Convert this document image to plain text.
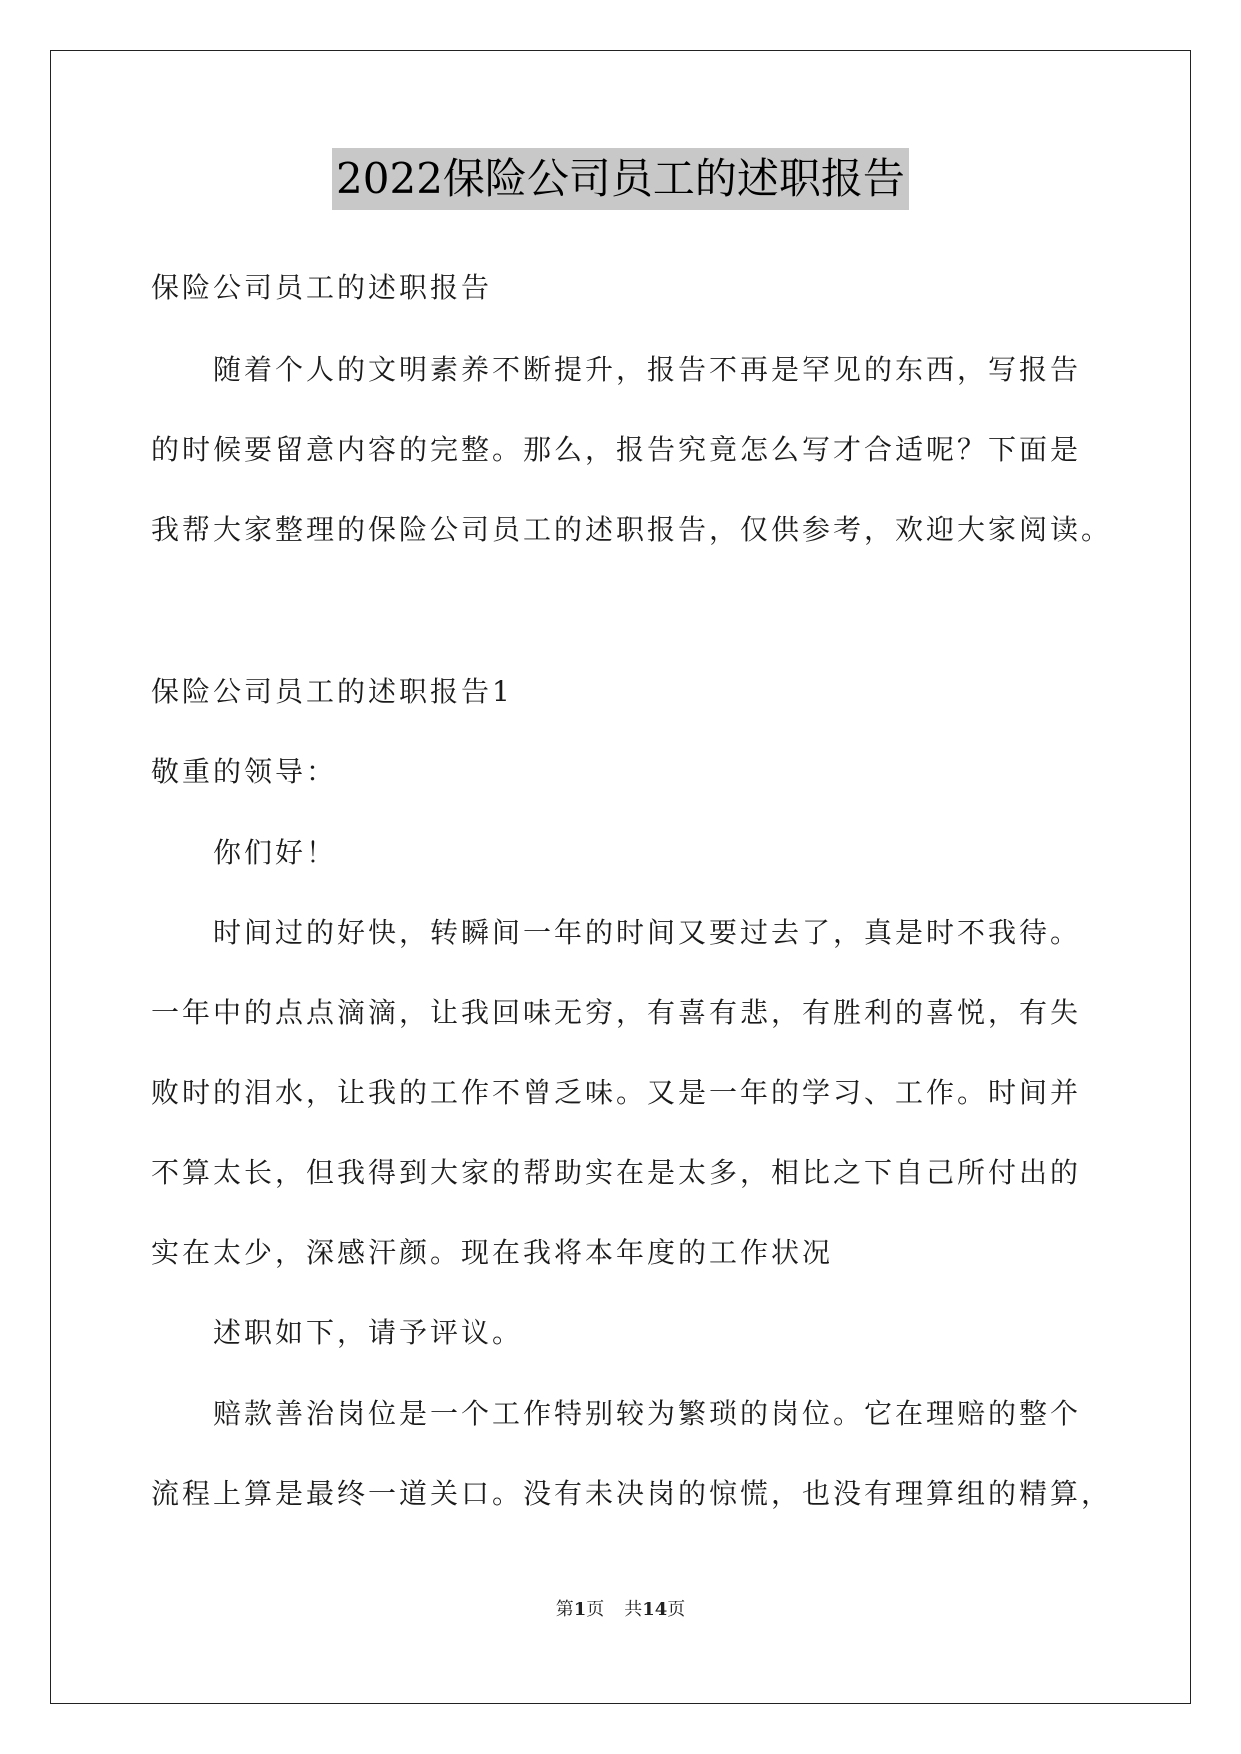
2022保险公司员工的述职报告
保险公司员工的述职报告
随着个人的文明素养不断提升，报告不再是罕见的东西，写报告
的时候要留意内容的完整。那么，报告究竟怎么写才合适呢？下面是
我帮大家整理的保险公司员工的述职报告，仅供参考，欢迎大家阅读。
保险公司员工的述职报告1
敬重的领导：
你们好！
时间过的好快，转瞬间一年的时间又要过去了，真是时不我待。
一年中的点点滴滴，让我回味无穷，有喜有悲，有胜利的喜悦，有失
败时的泪水，让我的工作不曾乏味。又是一年的学习、工作。时间并
不算太长，但我得到大家的帮助实在是太多，相比之下自己所付出的
实在太少，深感汗颜。现在我将本年度的工作状况
述职如下，请予评议。
赔款善治岗位是一个工作特别较为繁琐的岗位。它在理赔的整个
流程上算是最终一道关口。没有未决岗的惊慌，也没有理算组的精算，
第1页 共14页
